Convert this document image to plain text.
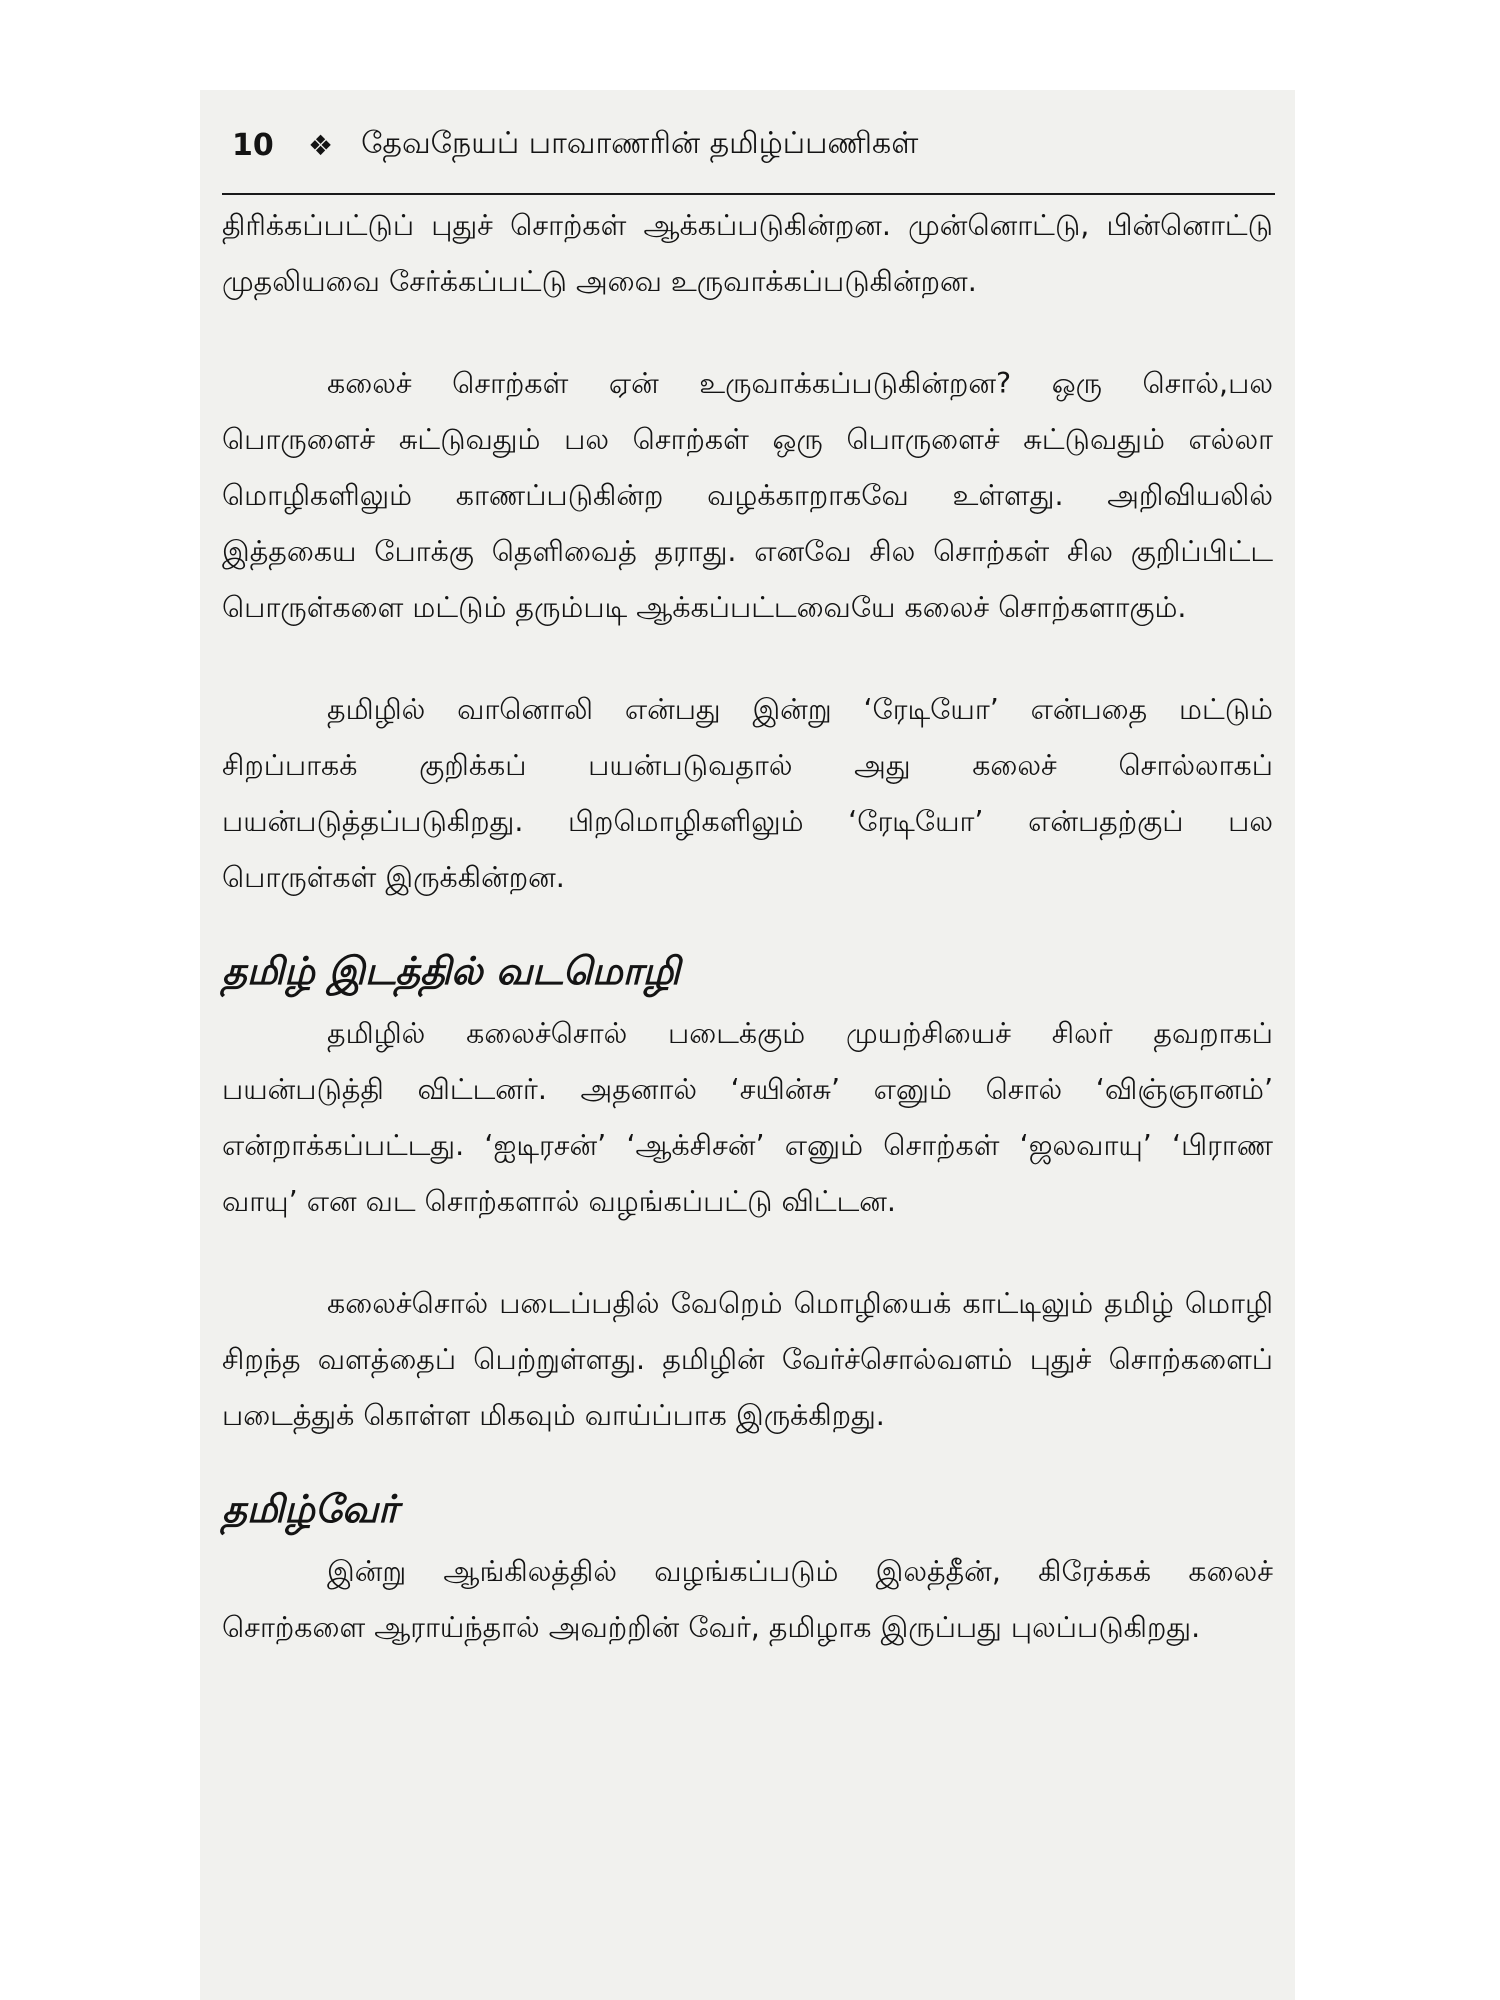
10 ❖ தேவநேயப் பாவாணரின் தமிழ்ப்பணிகள்

திரிக்கப்பட்டுப் புதுச் சொற்கள் ஆக்கப்படுகின்றன. முன்னொட்டு, பின்னொட்டு முதலியவை சேர்க்கப்பட்டு அவை உருவாக்கப்படுகின்றன.

கலைச் சொற்கள் ஏன் உருவாக்கப்படுகின்றன? ஒரு சொல்,பல பொருளைச் சுட்டுவதும் பல சொற்கள் ஒரு பொருளைச் சுட்டுவதும் எல்லா மொழிகளிலும் காணப்படுகின்ற வழக்காறாகவே உள்ளது. அறிவியலில் இத்தகைய போக்கு தெளிவைத் தராது. எனவே சில சொற்கள் சில குறிப்பிட்ட பொருள்களை மட்டும் தரும்படி ஆக்கப்பட்டவையே கலைச் சொற்களாகும்.

தமிழில் வானொலி என்பது இன்று ‘ரேடியோ’ என்பதை மட்டும் சிறப்பாகக் குறிக்கப் பயன்படுவதால் அது கலைச் சொல்லாகப் பயன்படுத்தப்படுகிறது. பிறமொழிகளிலும் ‘ரேடியோ’ என்பதற்குப் பல பொருள்கள் இருக்கின்றன.

தமிழ் இடத்தில் வடமொழி

தமிழில் கலைச்சொல் படைக்கும் முயற்சியைச் சிலர் தவறாகப் பயன்படுத்தி விட்டனர். அதனால் ‘சயின்சு’ எனும் சொல் ‘விஞ்ஞானம்’ என்றாக்கப்பட்டது. ‘ஐடிரசன்’ ‘ஆக்சிசன்’ எனும் சொற்கள் ‘ஜலவாயு’ ‘பிராண வாயு’ என வட சொற்களால் வழங்கப்பட்டு விட்டன.

கலைச்சொல் படைப்பதில் வேறெம் மொழியைக் காட்டிலும் தமிழ் மொழி சிறந்த வளத்தைப் பெற்றுள்ளது. தமிழின் வேர்ச்சொல்வளம் புதுச் சொற்களைப் படைத்துக் கொள்ள மிகவும் வாய்ப்பாக இருக்கிறது.

தமிழ்வேர்

இன்று ஆங்கிலத்தில் வழங்கப்படும் இலத்தீன், கிரேக்கக் கலைச் சொற்களை ஆராய்ந்தால் அவற்றின் வேர், தமிழாக இருப்பது புலப்படுகிறது.
